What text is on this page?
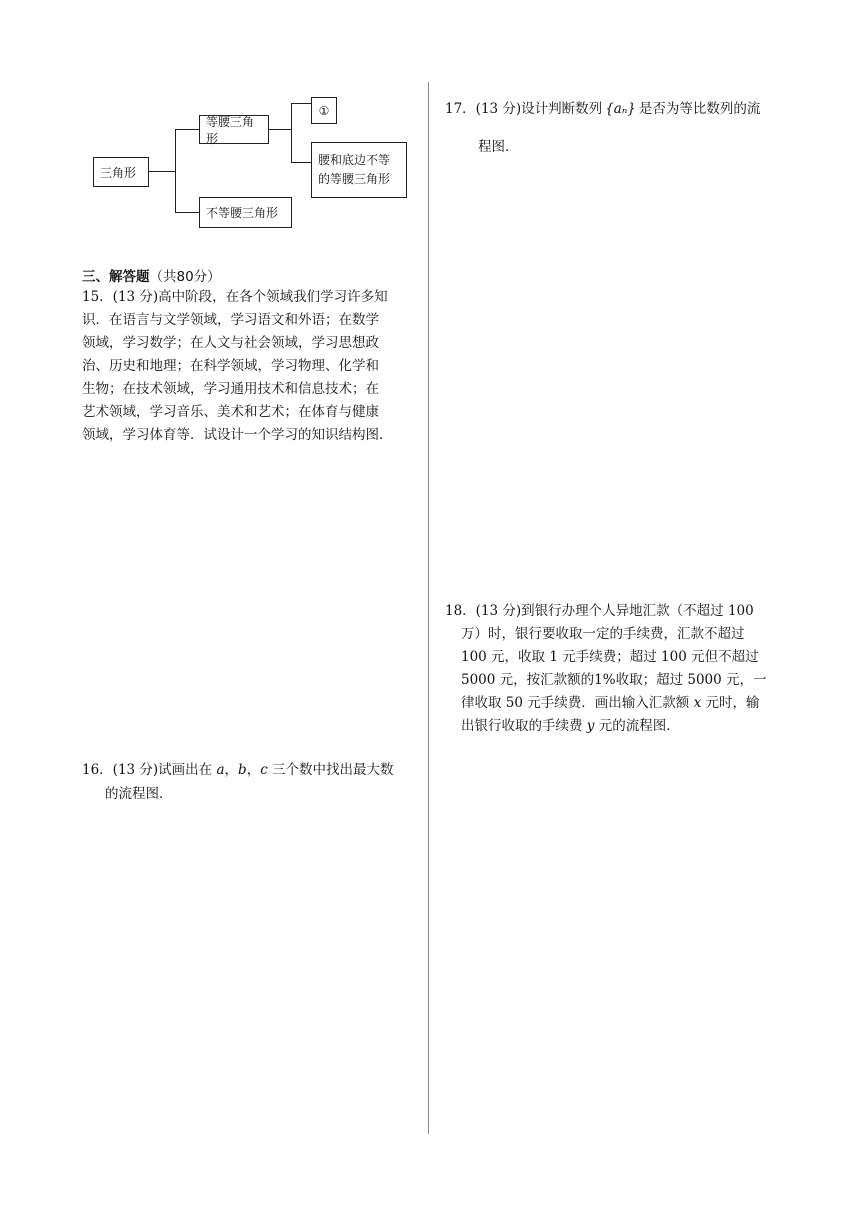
三角形
等腰三角形
①
腰和底边不等
的等腰三角形
不等腰三角形
三、解答题（共80分）
15．(13 分)高中阶段，在各个领域我们学习许多知
识．在语言与文学领域，学习语文和外语；在数学
领域，学习数学；在人文与社会领域，学习思想政
治、历史和地理；在科学领域，学习物理、化学和
生物；在技术领域，学习通用技术和信息技术；在
艺术领域，学习音乐、美术和艺术；在体育与健康
领域，学习体育等．试设计一个学习的知识结构图．
16．(13 分)试画出在 a，b，c 三个数中找出最大数
的流程图．
17．(13 分)设计判断数列 {aₙ} 是否为等比数列的流
程图．
18．(13 分)到银行办理个人异地汇款（不超过 100
万）时，银行要收取一定的手续费，汇款不超过
100 元，收取 1 元手续费；超过 100 元但不超过
5000 元，按汇款额的1%收取；超过 5000 元，一
律收取 50 元手续费．画出输入汇款额 x 元时，输
出银行收取的手续费 y 元的流程图．
